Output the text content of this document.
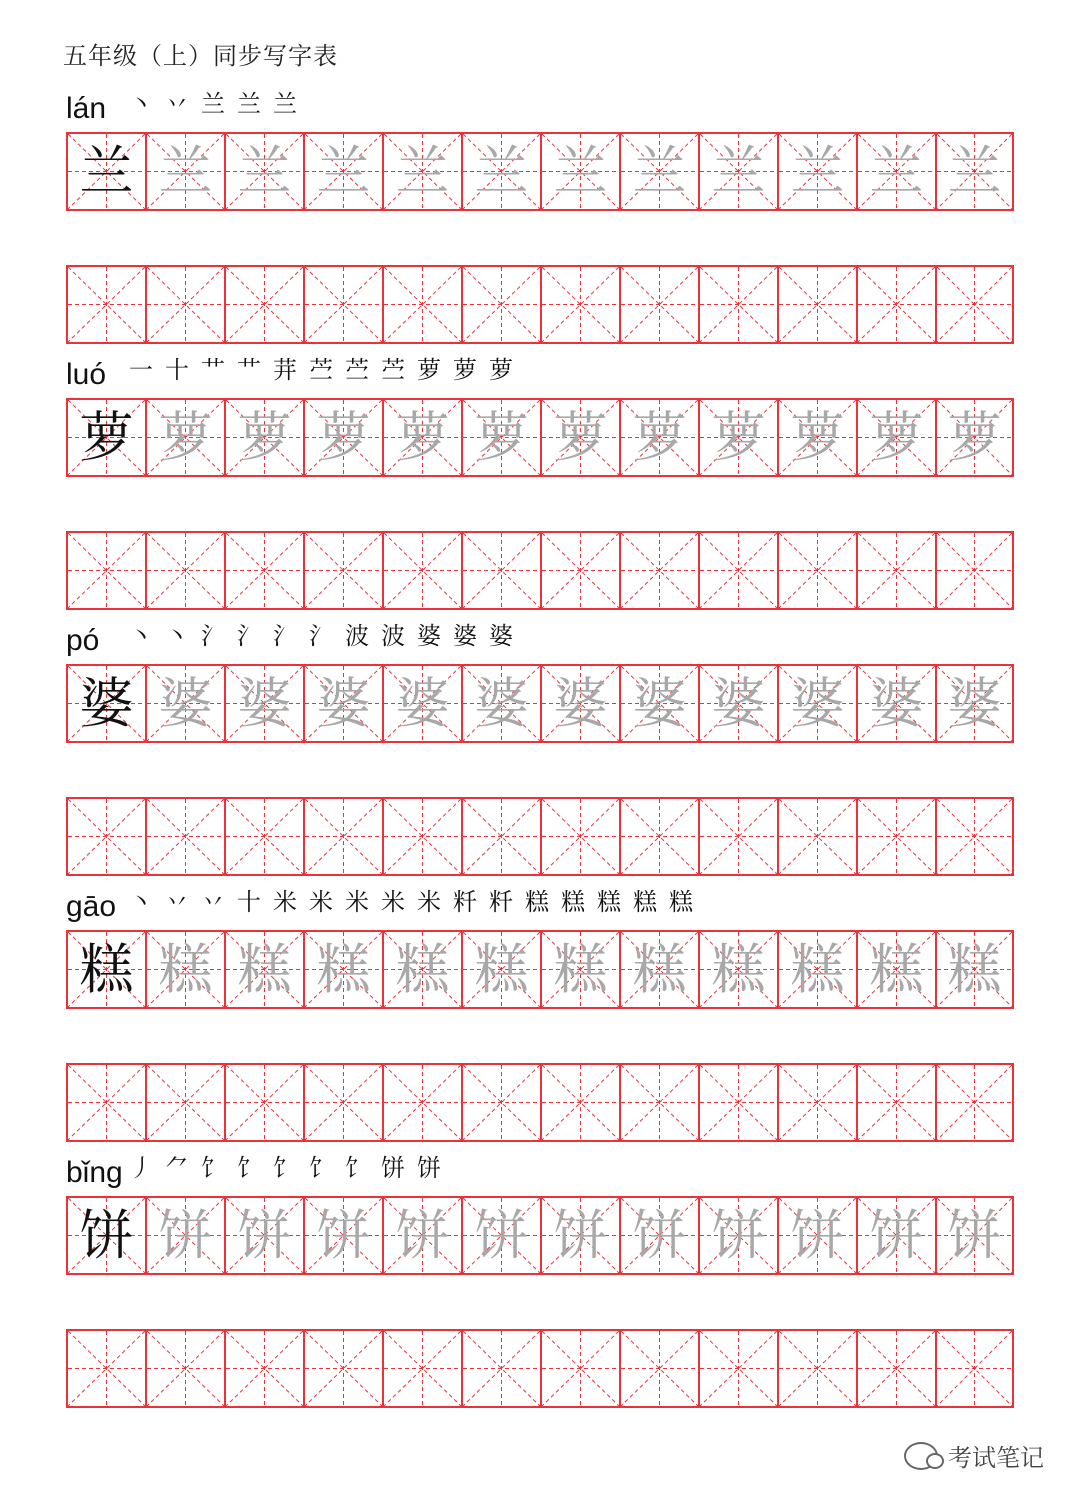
五年级（上）同步写字表
lán 丶 丷 兰 兰 兰
兰 兰 兰 兰 兰 兰 兰 兰 兰 兰 兰 兰
luó 一 十 艹 艹 茾 苎 苎 苎 萝 萝 萝
萝 萝 萝 萝 萝 萝 萝 萝 萝 萝 萝 萝
pó 丶 丶 氵 氵 氵 氵 波 波 婆 婆 婆
婆 婆 婆 婆 婆 婆 婆 婆 婆 婆 婆 婆
gāo 丶 丷 丷 十 米 米 米 米 米 粁 粁 糕 糕 糕 糕 糕
糕 糕 糕 糕 糕 糕 糕 糕 糕 糕 糕 糕
bǐng 丿 ⺈ 饣 饣 饣 饣 饣 饼 饼
饼 饼 饼 饼 饼 饼 饼 饼 饼 饼 饼 饼
考试笔记
